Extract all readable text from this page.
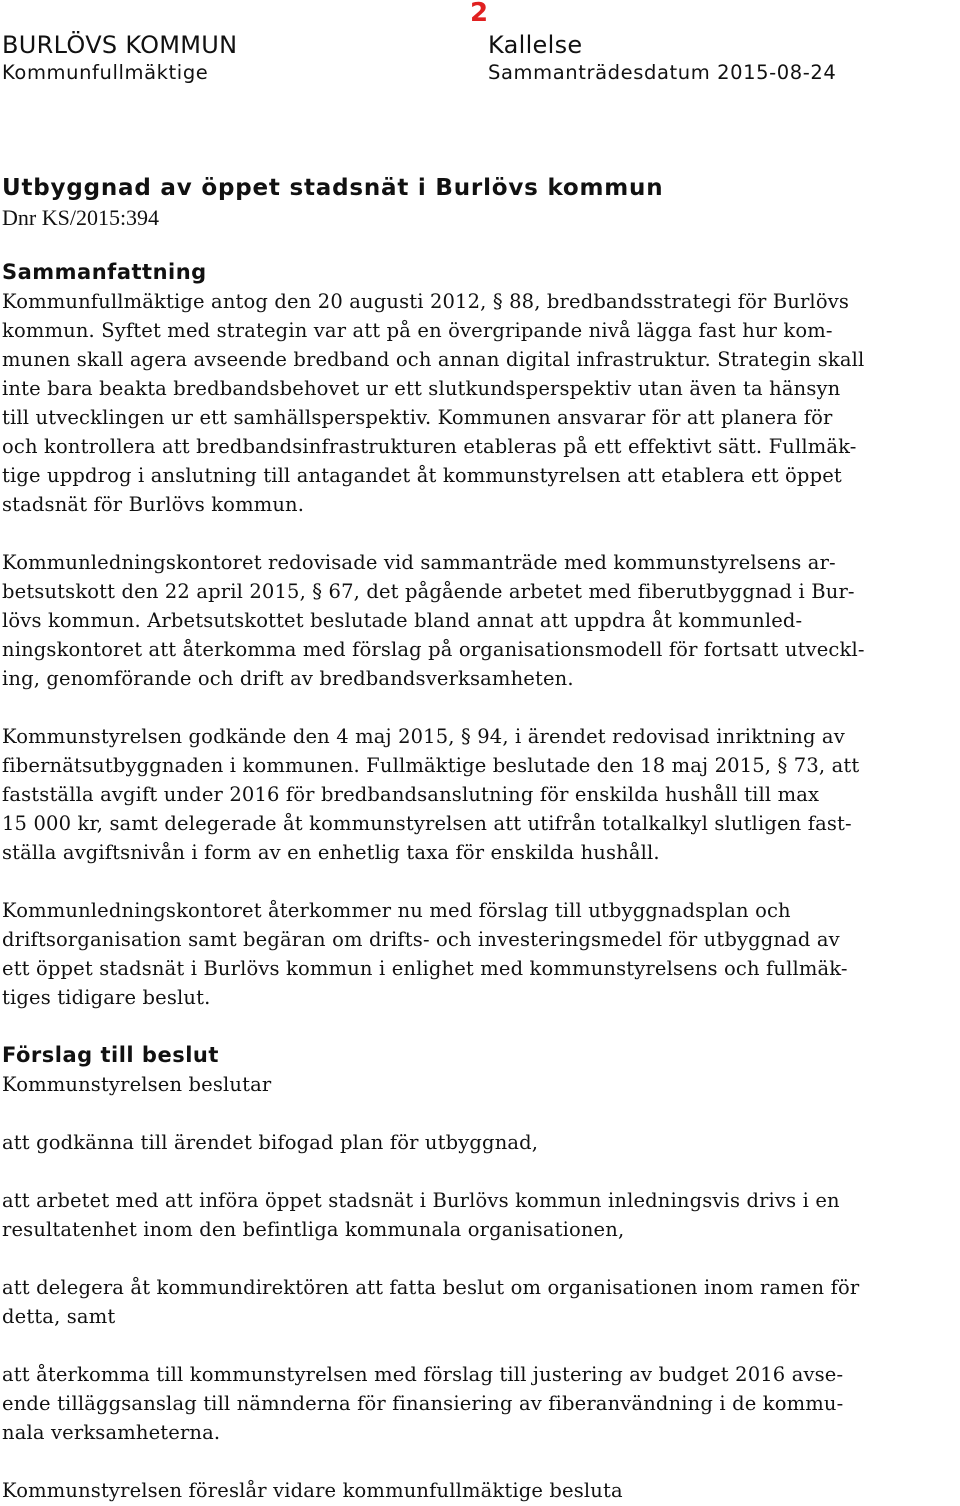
2
BURLÖVS KOMMUN
Kommunfullmäktige
Kallelse
Sammanträdesdatum 2015-08-24
Utbyggnad av öppet stadsnät i Burlövs kommun
Dnr KS/2015:394
Sammanfattning
Kommunfullmäktige antog den 20 augusti 2012, § 88, bredbandsstrategi för Burlövs
kommun. Syftet med strategin var att på en övergripande nivå lägga fast hur kom-
munen skall agera avseende bredband och annan digital infrastruktur. Strategin skall
inte bara beakta bredbandsbehovet ur ett slutkundsperspektiv utan även ta hänsyn
till utvecklingen ur ett samhällsperspektiv. Kommunen ansvarar för att planera för
och kontrollera att bredbandsinfrastrukturen etableras på ett effektivt sätt. Fullmäk-
tige uppdrog i anslutning till antagandet åt kommunstyrelsen att etablera ett öppet
stadsnät för Burlövs kommun.
Kommunledningskontoret redovisade vid sammanträde med kommunstyrelsens ar-
betsutskott den 22 april 2015, § 67, det pågående arbetet med fiberutbyggnad i Bur-
lövs kommun. Arbetsutskottet beslutade bland annat att uppdra åt kommunled-
ningskontoret att återkomma med förslag på organisationsmodell för fortsatt utveckl-
ing, genomförande och drift av bredbandsverksamheten.
Kommunstyrelsen godkände den 4 maj 2015, § 94, i ärendet redovisad inriktning av
fibernätsutbyggnaden i kommunen. Fullmäktige beslutade den 18 maj 2015, § 73, att
fastställa avgift under 2016 för bredbandsanslutning för enskilda hushåll till max
15 000 kr, samt delegerade åt kommunstyrelsen att utifrån totalkalkyl slutligen fast-
ställa avgiftsnivån i form av en enhetlig taxa för enskilda hushåll.
Kommunledningskontoret återkommer nu med förslag till utbyggnadsplan och
driftsorganisation samt begäran om drifts- och investeringsmedel för utbyggnad av
ett öppet stadsnät i Burlövs kommun i enlighet med kommunstyrelsens och fullmäk-
tiges tidigare beslut.
Förslag till beslut
Kommunstyrelsen beslutar
att godkänna till ärendet bifogad plan för utbyggnad,
att arbetet med att införa öppet stadsnät i Burlövs kommun inledningsvis drivs i en
resultatenhet inom den befintliga kommunala organisationen,
att delegera åt kommundirektören att fatta beslut om organisationen inom ramen för
detta, samt
att återkomma till kommunstyrelsen med förslag till justering av budget 2016 avse-
ende tilläggsanslag till nämnderna för finansiering av fiberanvändning i de kommu-
nala verksamheterna.
Kommunstyrelsen föreslår vidare kommunfullmäktige besluta
